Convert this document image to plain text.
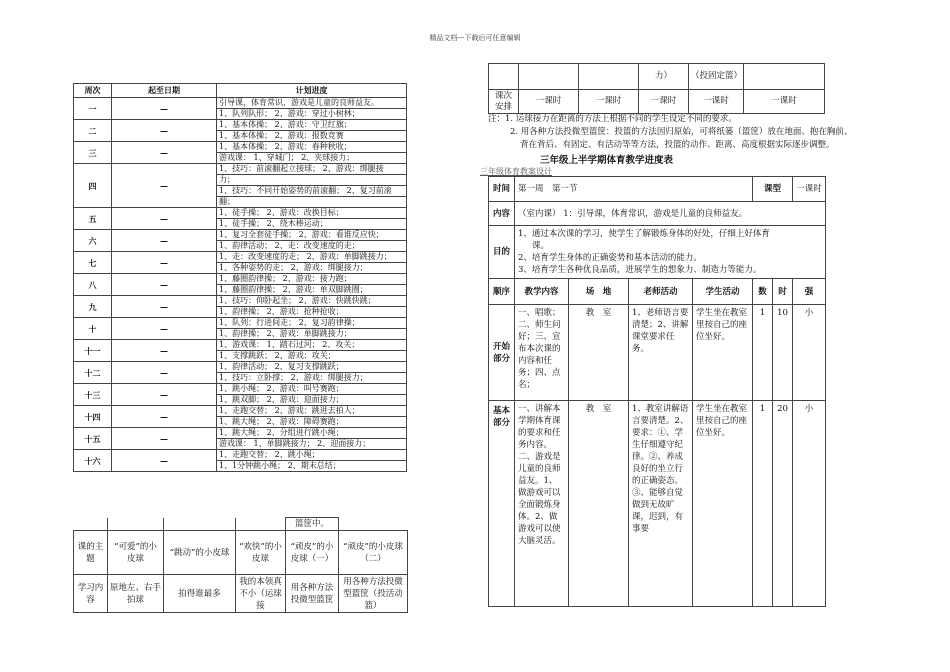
精品文档---下载后可任意编辑
周次	起至日期	计划进度
一	—	引导课，体育常识，游戏是儿童的良师益友。
		1、队列队形； 2、游戏：穿过小树林；
二	—	1、基本体操； 2、游戏：守卫红旗；
		1、基本体操； 2、游戏：报数竞赛
三	—	1、基本体操； 2、游戏：春种秋收；
		游戏课： 1、穿城门； 2、夹球接力；
四	—	1、技巧：前滚翻起立接球； 2、游戏：绑腿接
		力；
		1、技巧：不同开始姿势的前滚翻； 2、复习前滚
		翻；
五	—	1、徒手操； 2、游戏：改换目标；
		1、徒手操； 2、绕木棒运动；
六	—	1、复习全套徒手操； 2、游戏：看谁反应快；
		1、韵律活动； 2、走：改变速度的走；
七	—	1、走：改变速度的走； 2、游戏：单脚跳接力；
		1、各种姿势的走； 2、游戏：绑腿接力；
八	—	1、藤圈韵律操； 2、游戏：接力跑；
		1、藤圈韵律操； 2、游戏：单双脚跳圈；
九	—	1、技巧：仰卧起坐； 2、游戏：快跳快跳；
		1、韵律操； 2、游戏：抢种抢收；
十	—	1、队列：行进间走； 2、复习韵律操；
		1、韵律操； 2、游戏：单脚跳接力；
十一	—	1、游戏课： 1、踏石过河； 2、攻关；
		1、支撑跳跃； 2、游戏：攻关；
十二	—	1、韵律活动； 2、复习支撑跳跃；
		1、技巧：立卧撑； 2、游戏：绑腿接力；
十三	—	1、跳小绳； 2、游戏：叫号赛跑；
		1、跳双脚； 2、游戏：迎面接力；
十四	—	1、走跑交替； 2、游戏：跳进去拍人；
		1、跳大绳； 2、游戏：障碍赛跑；
十五	—	1、跳大绳； 2、分组进行跳小绳；
		游戏课： 1、单脚跳接力； 2、迎面接力；
十六	—	1、走跑交替； 2、跳小绳；
		1、1分钟跳小绳； 2、期末总结；
				篮筐中。	
课的主题	“可爱”的小皮球	“跳动”的小皮球	“欢快”的小皮球	“顽皮”的小皮球（一）	“顽皮”的小皮球（二）
学习内容	原地左、右手拍球	拍得谁最多	我的本领真不小（运球接	用各种方法投微型篮筐	用各种方法投微型篮筐（投活动篮）
			力）	（投固定篮）	
课次安排	一课时	一课时	一课时	一课时	一课时
注：1. 运球接力在距离的方法上根据不同的学生设定不同的要求。
2. 用各种方法投微型篮筐：投篮的方法因归原始，可将纸篓（篮筐）放在地面、抱在胸前、
背在背后、有固定、有活动等等方法，投篮的动作、距离、高度根据实际逐步调整。
三年级上半学期体育教学进度表
三年级体育教案设计
时间	第一周　第一节				课型		一课时
内容	（室内课） 1：引导课，体育常识，游戏是儿童的良师益友。						
目的	1、通过本次课的学习，使学生了解锻炼身体的好处，仔细上好体育
课。
2、培育学生身体的正确姿势和基本活动的能力。
3、培育学生各种优良品质，进展学生的想象力、制造力等能力。						

顺序	教学内容	场　地	老师活动	学生活动	数	时	强
开始部分	一、唱歌；二、师生问好；三、宣布本次课的内容和任务；四、点名；	教　室	1、老师语言要清楚；2、讲解课堂要求任务。	学生坐在教室里按自己的座位坐好。	1	10	小
基本部分	一、讲解本学期体育课的要求和任务内容。二、游戏是儿童的良师益友。1、做游戏可以全面锻炼身体。2、做游戏可以使大脑灵活。	教　室	1、教室讲解语言要清楚。2、要求：①、学生仔细遵守纪律。②、养成良好的坐立行的正确姿态。③、能够自觉做到无故旷课，迟到，有事要	学生坐在教室里按自己的座位坐好。	1	20	小
